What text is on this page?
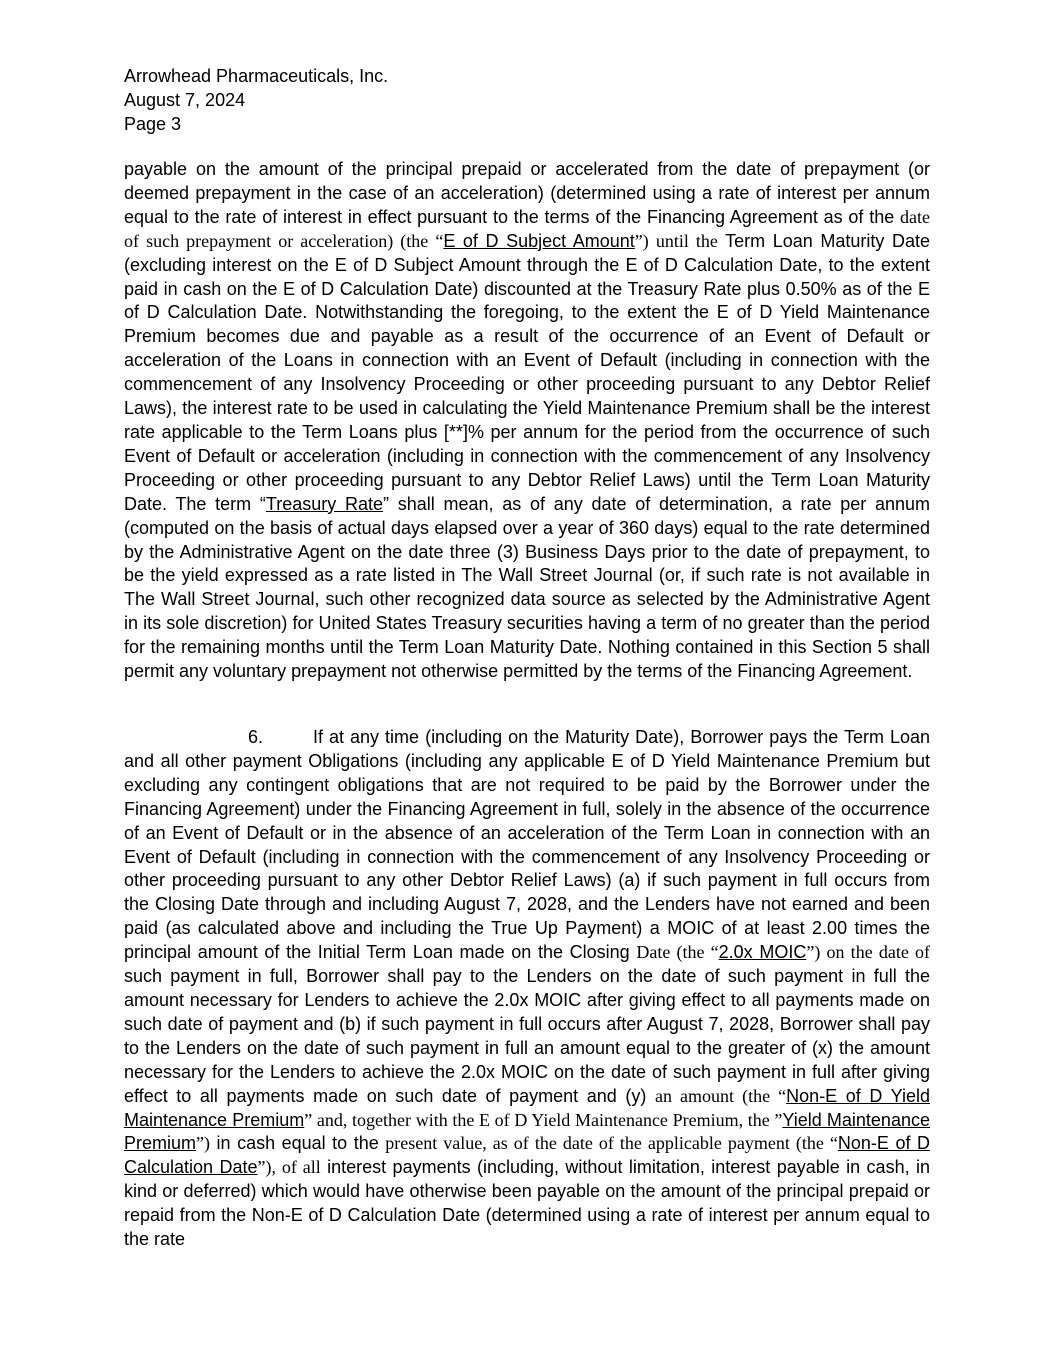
Arrowhead Pharmaceuticals, Inc.
August 7, 2024
Page 3
payable on the amount of the principal prepaid or accelerated from the date of prepayment (or deemed prepayment in the case of an acceleration) (determined using a rate of interest per annum equal to the rate of interest in effect pursuant to the terms of the Financing Agreement as of the date of such prepayment or acceleration) (the “E of D Subject Amount”) until the Term Loan Maturity Date (excluding interest on the E of D Subject Amount through the E of D Calculation Date, to the extent paid in cash on the E of D Calculation Date) discounted at the Treasury Rate plus 0.50% as of the E of D Calculation Date. Notwithstanding the foregoing, to the extent the E of D Yield Maintenance Premium becomes due and payable as a result of the occurrence of an Event of Default or acceleration of the Loans in connection with an Event of Default (including in connection with the commencement of any Insolvency Proceeding or other proceeding pursuant to any Debtor Relief Laws), the interest rate to be used in calculating the Yield Maintenance Premium shall be the interest rate applicable to the Term Loans plus [**]% per annum for the period from the occurrence of such Event of Default or acceleration (including in connection with the commencement of any Insolvency Proceeding or other proceeding pursuant to any Debtor Relief Laws) until the Term Loan Maturity Date. The term “Treasury Rate” shall mean, as of any date of determination, a rate per annum (computed on the basis of actual days elapsed over a year of 360 days) equal to the rate determined by the Administrative Agent on the date three (3) Business Days prior to the date of prepayment, to be the yield expressed as a rate listed in The Wall Street Journal (or, if such rate is not available in The Wall Street Journal, such other recognized data source as selected by the Administrative Agent in its sole discretion) for United States Treasury securities having a term of no greater than the period for the remaining months until the Term Loan Maturity Date. Nothing contained in this Section 5 shall permit any voluntary prepayment not otherwise permitted by the terms of the Financing Agreement.
6.	If at any time (including on the Maturity Date), Borrower pays the Term Loan and all other payment Obligations (including any applicable E of D Yield Maintenance Premium but excluding any contingent obligations that are not required to be paid by the Borrower under the Financing Agreement) under the Financing Agreement in full, solely in the absence of the occurrence of an Event of Default or in the absence of an acceleration of the Term Loan in connection with an Event of Default (including in connection with the commencement of any Insolvency Proceeding or other proceeding pursuant to any other Debtor Relief Laws) (a) if such payment in full occurs from the Closing Date through and including August 7, 2028, and the Lenders have not earned and been paid (as calculated above and including the True Up Payment) a MOIC of at least 2.00 times the principal amount of the Initial Term Loan made on the Closing Date (the “2.0x MOIC”) on the date of such payment in full, Borrower shall pay to the Lenders on the date of such payment in full the amount necessary for Lenders to achieve the 2.0x MOIC after giving effect to all payments made on such date of payment and (b) if such payment in full occurs after August 7, 2028, Borrower shall pay to the Lenders on the date of such payment in full an amount equal to the greater of (x) the amount necessary for the Lenders to achieve the 2.0x MOIC on the date of such payment in full after giving effect to all payments made on such date of payment and (y) an amount (the “Non-E of D Yield Maintenance Premium” and, together with the E of D Yield Maintenance Premium, the ”Yield Maintenance Premium”) in cash equal to the present value, as of the date of the applicable payment (the “Non-E of D Calculation Date”), of all interest payments (including, without limitation, interest payable in cash, in kind or deferred) which would have otherwise been payable on the amount of the principal prepaid or repaid from the Non-E of D Calculation Date (determined using a rate of interest per annum equal to the rate
